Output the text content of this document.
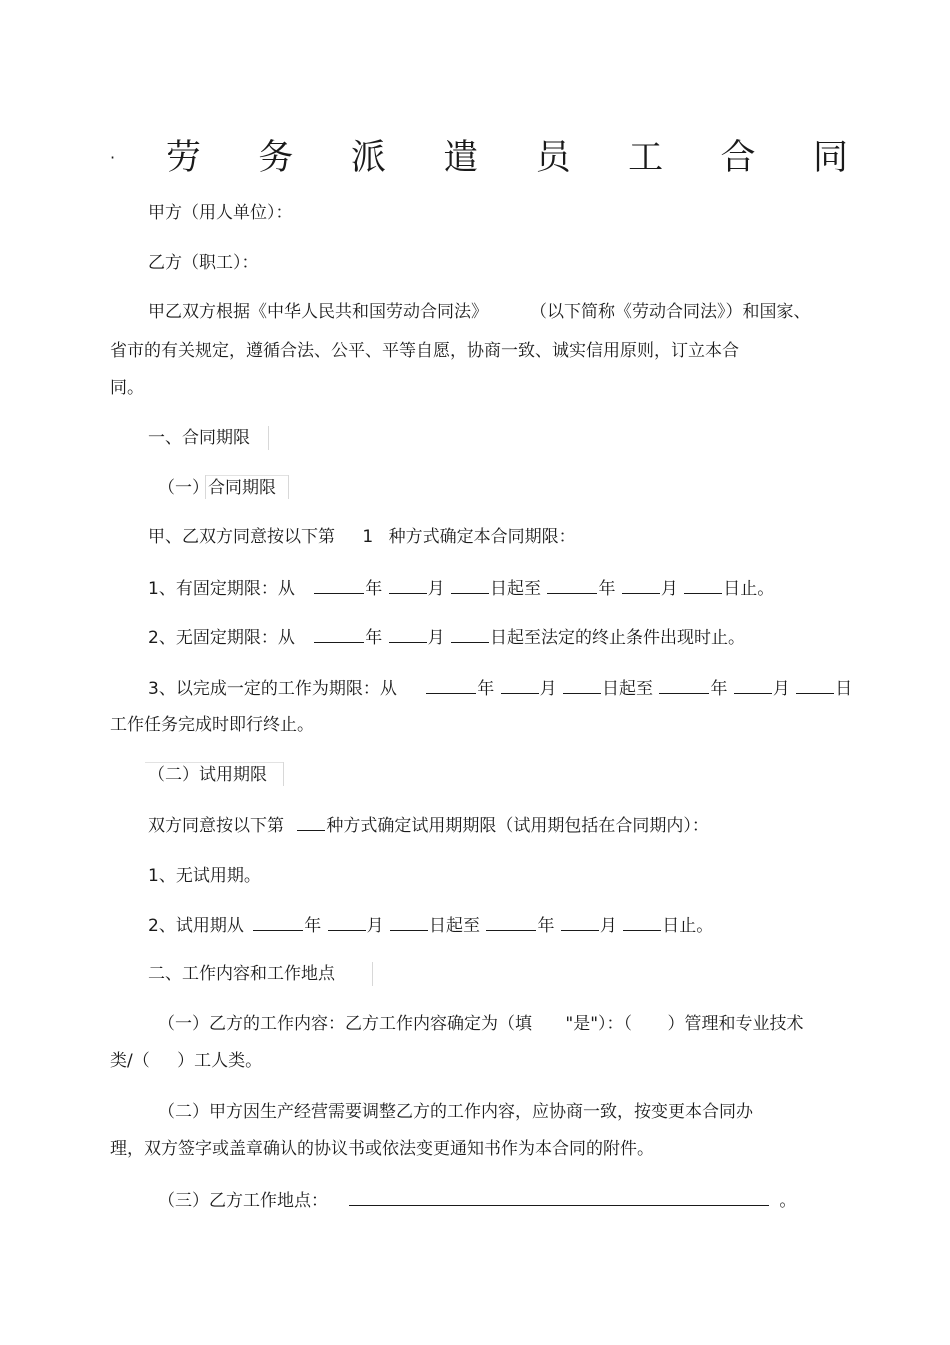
· 劳 务 派 遣 员 工 合 同
甲方（用人单位）：
乙方（职工）：
甲乙双方根据《中华人民共和国劳动合同法》 （以下简称《劳动合同法》）和国家、
省市的有关规定，遵循合法、公平、平等自愿，协商一致、诚实信用原则，订立本合
同。
一、合同期限
（一） 合同期限
甲、乙双方同意按以下第 1 种方式确定本合同期限：
1、有固定期限：从	年	月	日起至	年	月	日止。
2、无固定期限：从	年	月	日起至法定的终止条件出现时止。
3、以完成一定的工作为期限：从	年	月	日起至	年	月	日
工作任务完成时即行终止。
（二）试用期限
双方同意按以下第 种方式确定试用期期限（试用期包括在合同期内）：
1、无试用期。
2、试用期从	年	月	日起至	年	月	日止。
二、工作内容和工作地点
（一）乙方的工作内容：乙方工作内容确定为（填 "是"）：（ ）管理和专业技术
类/（ ）工人类。
（二）甲方因生产经营需要调整乙方的工作内容，应协商一致，按变更本合同办
理，双方签字或盖章确认的协议书或依法变更通知书作为本合同的附件。
（三）乙方工作地点：	。
